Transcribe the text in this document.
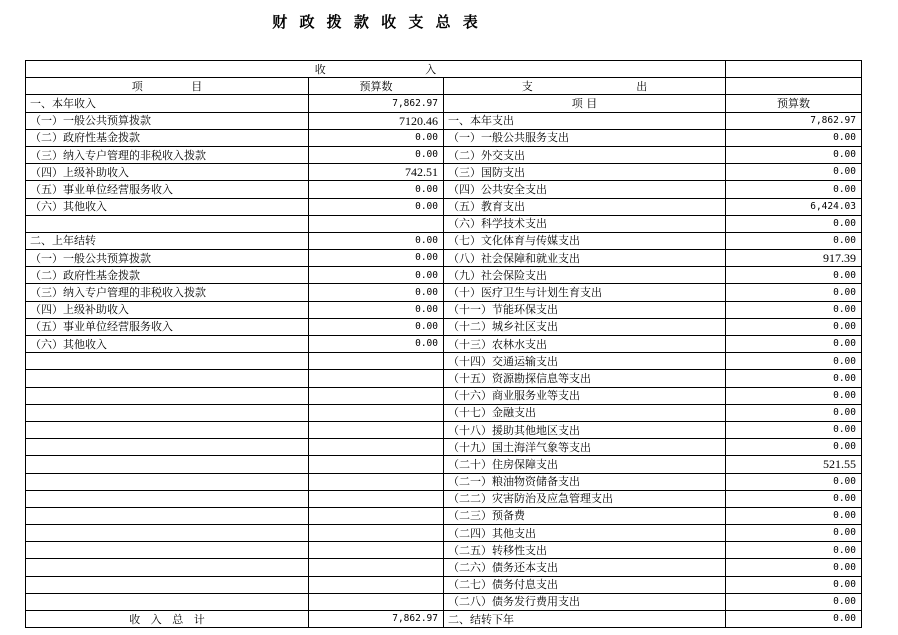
财 政 拨 款 收 支 总 表
收 入
项 目	预算数	支 出
一、本年收入	7,862.97	项 目	预算数
（一）一般公共预算拨款	7120.46 一、本年支出	7,862.97
（二）政府性基金拨款	0.00 （一）一般公共服务支出	0.00
（三）纳入专户管理的非税收入拨款	0.00 （二）外交支出	0.00
（四）上级补助收入	742.51 （三）国防支出	0.00
（五）事业单位经营服务收入	0.00 （四）公共安全支出	0.00
（六）其他收入	0.00 （五）教育支出	6,424.03
（六）科学技术支出	0.00
二、上年结转	0.00 （七）文化体育与传媒支出	0.00
（一）一般公共预算拨款	0.00 （八）社会保障和就业支出	917.39
（二）政府性基金拨款	0.00 （九）社会保险支出	0.00
（三）纳入专户管理的非税收入拨款	0.00 （十）医疗卫生与计划生育支出	0.00
（四）上级补助收入	0.00 （十一）节能环保支出	0.00
（五）事业单位经营服务收入	0.00 （十二）城乡社区支出	0.00
（六）其他收入	0.00 （十三）农林水支出	0.00
（十四）交通运输支出	0.00
（十五）资源勘探信息等支出	0.00
（十六）商业服务业等支出	0.00
（十七）金融支出	0.00
（十八）援助其他地区支出	0.00
（十九）国土海洋气象等支出	0.00
（二十）住房保障支出	521.55
（二一）粮油物资储备支出	0.00
（二二）灾害防治及应急管理支出	0.00
（二三）预备费	0.00
（二四）其他支出	0.00
（二五）转移性支出	0.00
（二六）债务还本支出	0.00
（二七）债务付息支出	0.00
（二八）债务发行费用支出	0.00
收 入 总 计	7,862.97 二、结转下年	0.00
